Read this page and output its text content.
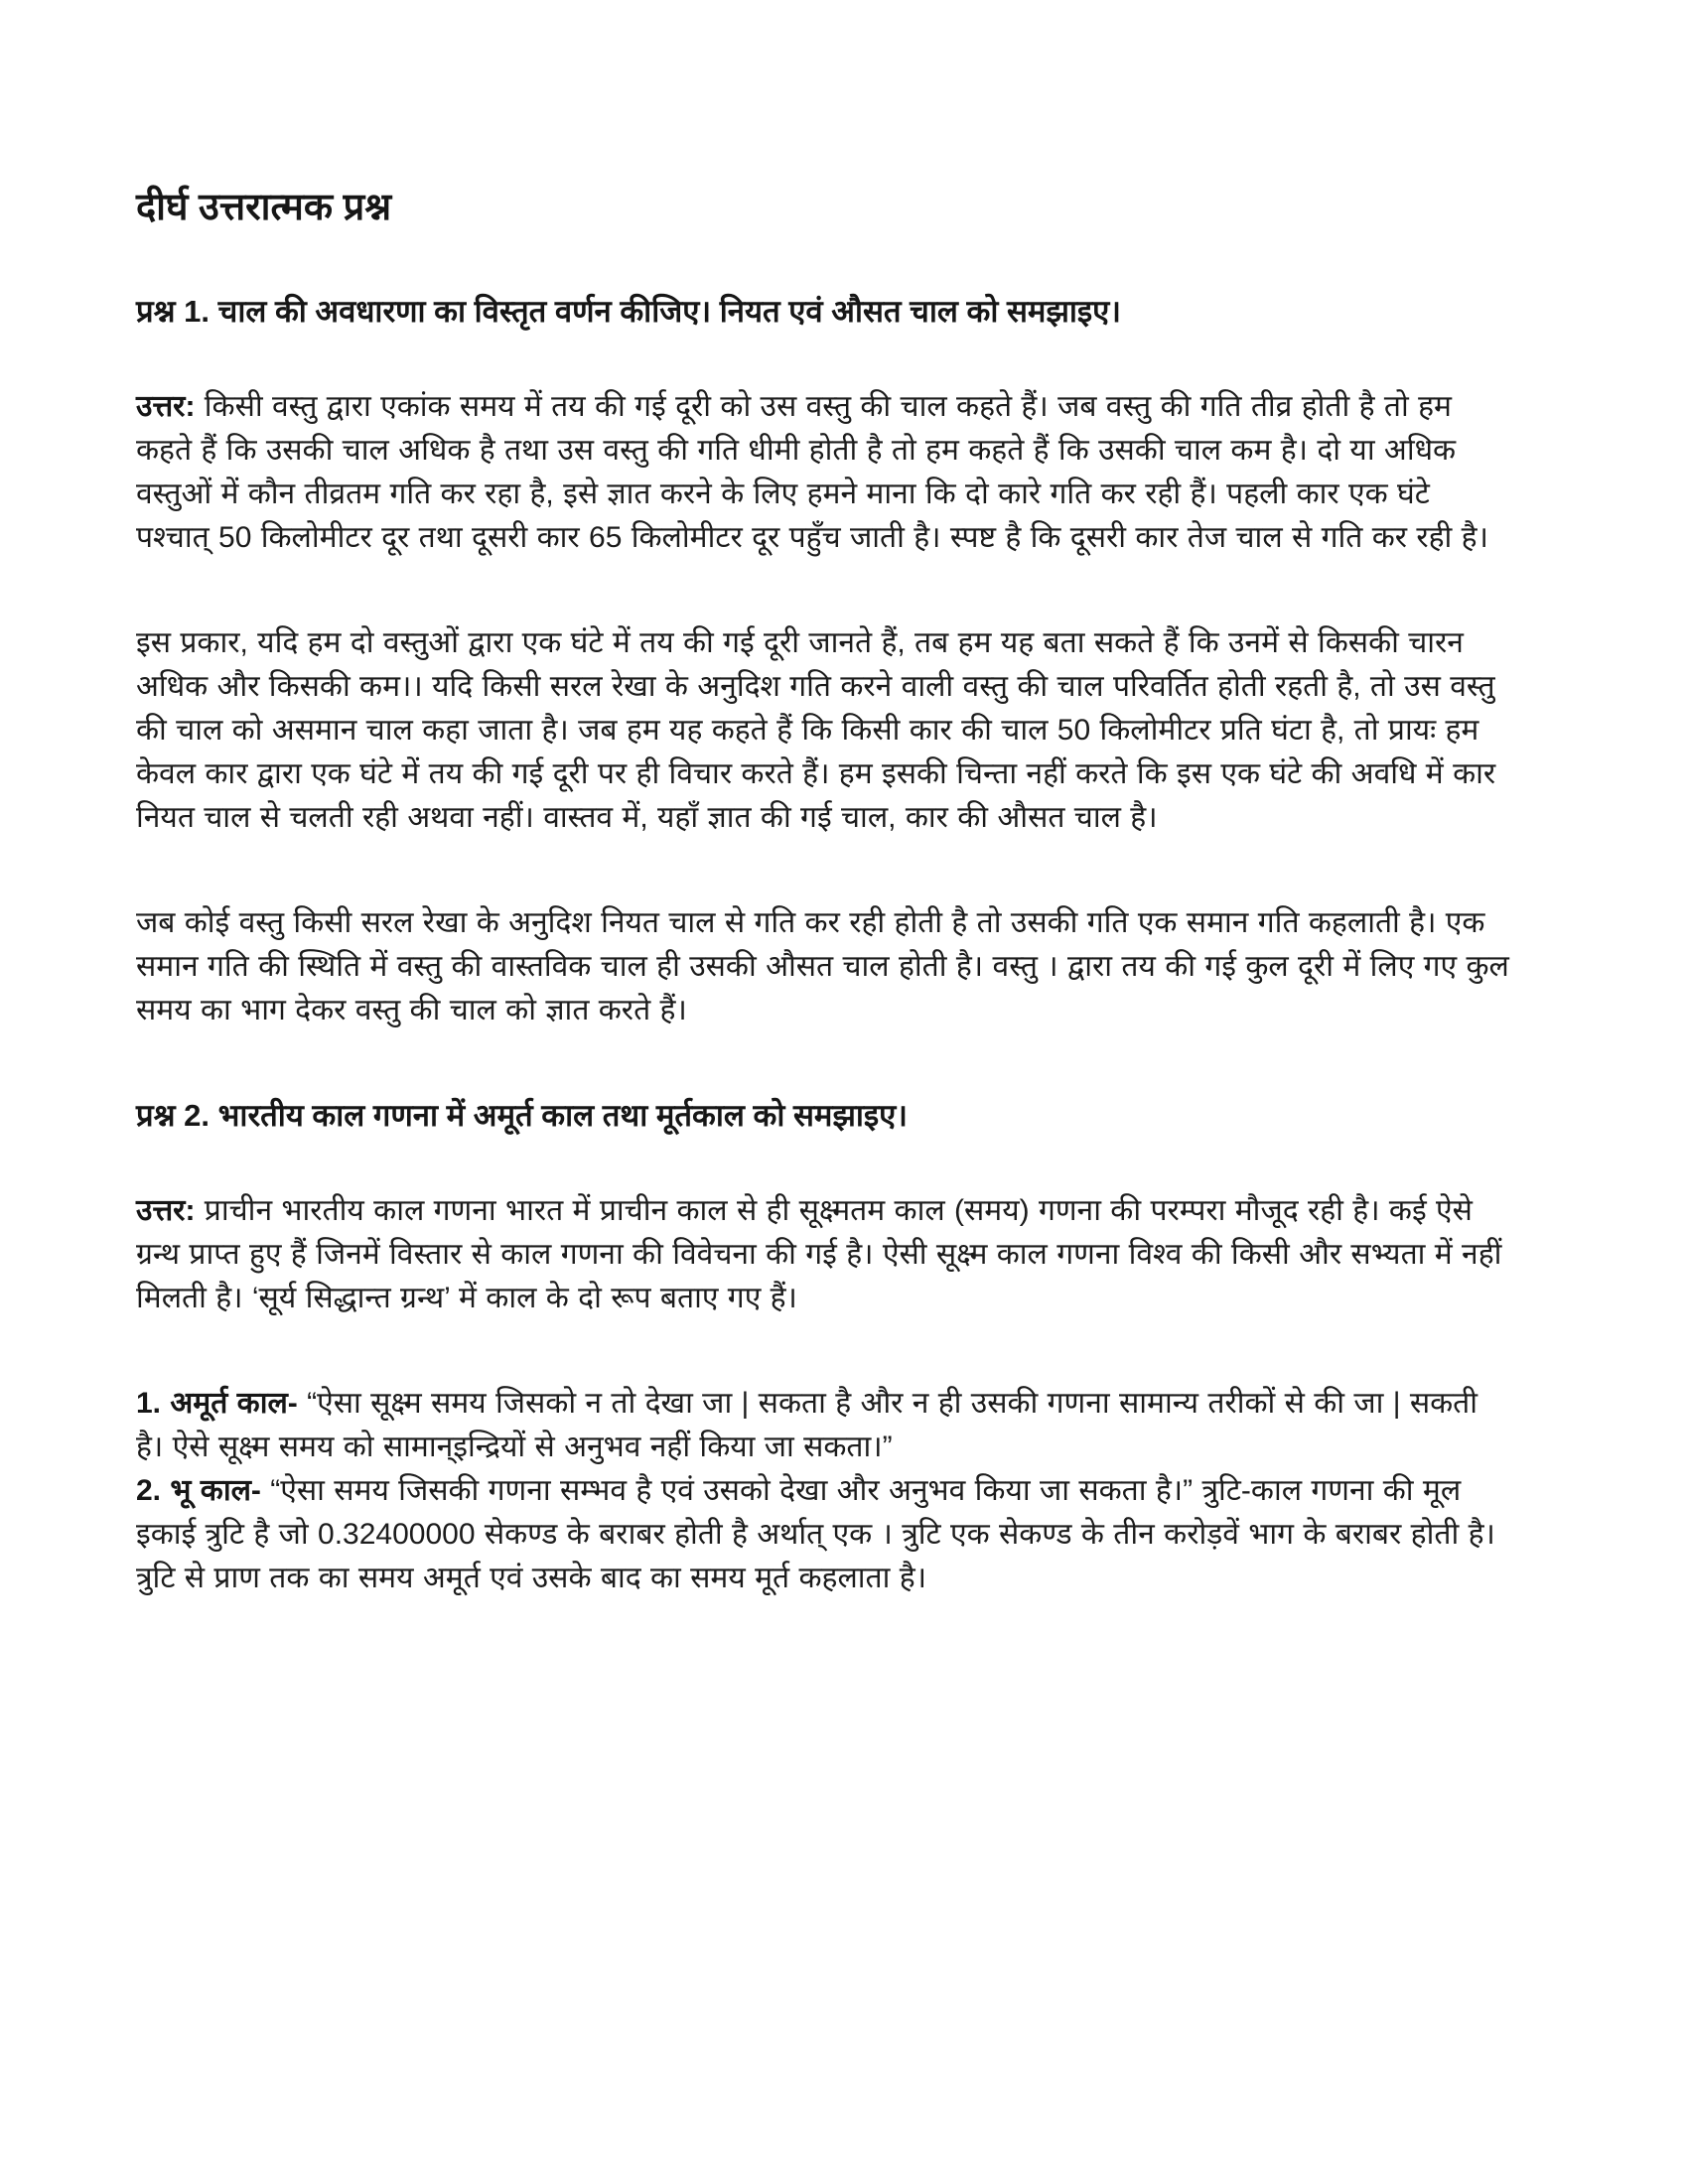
दीर्घ उत्तरात्मक प्रश्न
प्रश्न 1. चाल की अवधारणा का विस्तृत वर्णन कीजिए। नियत एवं औसत चाल को समझाइए।

उत्तर: किसी वस्तु द्वारा एकांक समय में तय की गई दूरी को उस वस्तु की चाल कहते हैं। जब वस्तु की गति तीव्र होती है तो हम कहते हैं कि उसकी चाल अधिक है तथा उस वस्तु की गति धीमी होती है तो हम कहते हैं कि उसकी चाल कम है। दो या अधिक वस्तुओं में कौन तीव्रतम गति कर रहा है, इसे ज्ञात करने के लिए हमने माना कि दो कारे गति कर रही हैं। पहली कार एक घंटे पश्चात् 50 किलोमीटर दूर तथा दूसरी कार 65 किलोमीटर दूर पहुँच जाती है। स्पष्ट है कि दूसरी कार तेज चाल से गति कर रही है।

इस प्रकार, यदि हम दो वस्तुओं द्वारा एक घंटे में तय की गई दूरी जानते हैं, तब हम यह बता सकते हैं कि उनमें से किसकी चारन अधिक और किसकी कम।। यदि किसी सरल रेखा के अनुदिश गति करने वाली वस्तु की चाल परिवर्तित होती रहती है, तो उस वस्तु की चाल को असमान चाल कहा जाता है। जब हम यह कहते हैं कि किसी कार की चाल 50 किलोमीटर प्रति घंटा है, तो प्रायः हम केवल कार द्वारा एक घंटे में तय की गई दूरी पर ही विचार करते हैं। हम इसकी चिन्ता नहीं करते कि इस एक घंटे की अवधि में कार नियत चाल से चलती रही अथवा नहीं। वास्तव में, यहाँ ज्ञात की गई चाल, कार की औसत चाल है।

जब कोई वस्तु किसी सरल रेखा के अनुदिश नियत चाल से गति कर रही होती है तो उसकी गति एक समान गति कहलाती है। एक समान गति की स्थिति में वस्तु की वास्तविक चाल ही उसकी औसत चाल होती है। वस्तु । द्वारा तय की गई कुल दूरी में लिए गए कुल समय का भाग देकर वस्तु की चाल को ज्ञात करते हैं।

प्रश्न 2. भारतीय काल गणना में अमूर्त काल तथा मूर्तकाल को समझाइए।

उत्तर: प्राचीन भारतीय काल गणना भारत में प्राचीन काल से ही सूक्ष्मतम काल (समय) गणना की परम्परा मौजूद रही है। कई ऐसे ग्रन्थ प्राप्त हुए हैं जिनमें विस्तार से काल गणना की विवेचना की गई है। ऐसी सूक्ष्म काल गणना विश्व की किसी और सभ्यता में नहीं मिलती है। ‘सूर्य सिद्धान्त ग्रन्थ’ में काल के दो रूप बताए गए हैं।

1. अमूर्त काल- “ऐसा सूक्ष्म समय जिसको न तो देखा जा | सकता है और न ही उसकी गणना सामान्य तरीकों से की जा | सकती है। ऐसे सूक्ष्म समय को सामान्इन्द्रियों से अनुभव नहीं किया जा सकता।”
2. भू काल- “ऐसा समय जिसकी गणना सम्भव है एवं उसको देखा और अनुभव किया जा सकता है।” त्रुटि-काल गणना की मूल इकाई त्रुटि है जो 0.32400000 सेकण्ड के बराबर होती है अर्थात् एक । त्रुटि एक सेकण्ड के तीन करोड़वें भाग के बराबर होती है। त्रुटि से प्राण तक का समय अमूर्त एवं उसके बाद का समय मूर्त कहलाता है।
